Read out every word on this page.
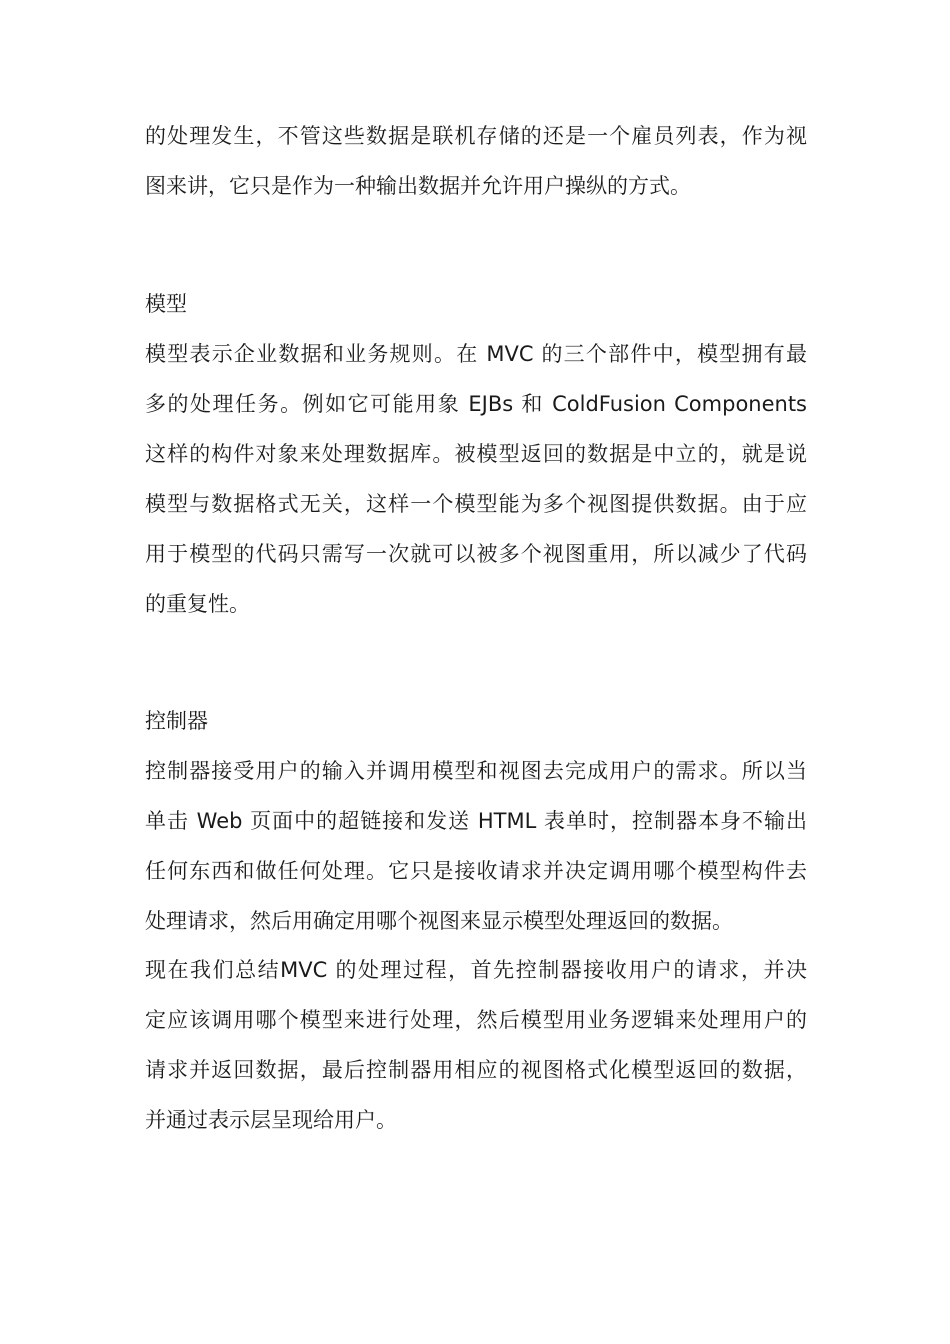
的处理发生，不管这些数据是联机存储的还是一个雇员列表，作为视
图来讲，它只是作为一种输出数据并允许用户操纵的方式。
模型
模型表示企业数据和业务规则。在 MVC 的三个部件中，模型拥有最
多的处理任务。例如它可能用象 EJBs 和 ColdFusion Components
这样的构件对象来处理数据库。被模型返回的数据是中立的，就是说
模型与数据格式无关，这样一个模型能为多个视图提供数据。由于应
用于模型的代码只需写一次就可以被多个视图重用，所以减少了代码
的重复性。
控制器
控制器接受用户的输入并调用模型和视图去完成用户的需求。所以当
单击 Web 页面中的超链接和发送 HTML 表单时，控制器本身不输出
任何东西和做任何处理。它只是接收请求并决定调用哪个模型构件去
处理请求，然后用确定用哪个视图来显示模型处理返回的数据。
现在我们总结MVC 的处理过程，首先控制器接收用户的请求，并决
定应该调用哪个模型来进行处理，然后模型用业务逻辑来处理用户的
请求并返回数据，最后控制器用相应的视图格式化模型返回的数据，
并通过表示层呈现给用户。
